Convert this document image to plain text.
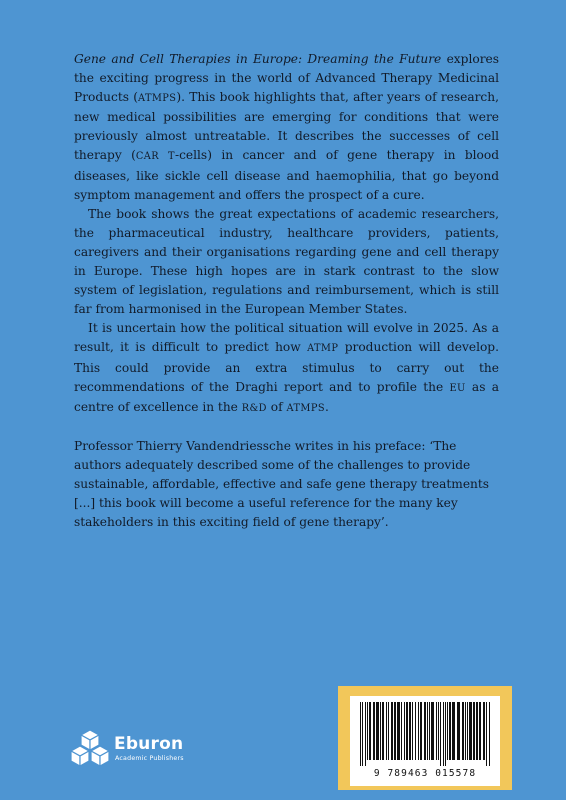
Gene and Cell Therapies in Europe: Dreaming the Future explores the exciting progress in the world of Advanced Therapy Medicinal Products (ATMPS). This book highlights that, after years of research, new medical possibilities are emerging for conditions that were previously almost untreatable. It describes the successes of cell therapy (CAR T-cells) in cancer and of gene therapy in blood diseases, like sickle cell disease and haemophilia, that go beyond symptom management and offers the prospect of a cure.

The book shows the great expectations of academic researchers, the pharmaceutical industry, healthcare providers, patients, caregivers and their organisations regarding gene and cell therapy in Europe. These high hopes are in stark contrast to the slow system of legislation, regulations and reimbursement, which is still far from harmonised in the European Member States.

It is uncertain how the political situation will evolve in 2025. As a result, it is difficult to predict how ATMP production will develop. This could provide an extra stimulus to carry out the recommendations of the Draghi report and to profile the EU as a centre of excellence in the R&D of ATMPS.

Professor Thierry Vandendriessche writes in his preface: ‘The authors adequately described some of the challenges to provide sustainable, affordable, effective and safe gene therapy treatments [...] this book will become a useful reference for the many key stakeholders in this exciting field of gene therapy’.

Eburon
Academic Publishers
9 789463 015578
